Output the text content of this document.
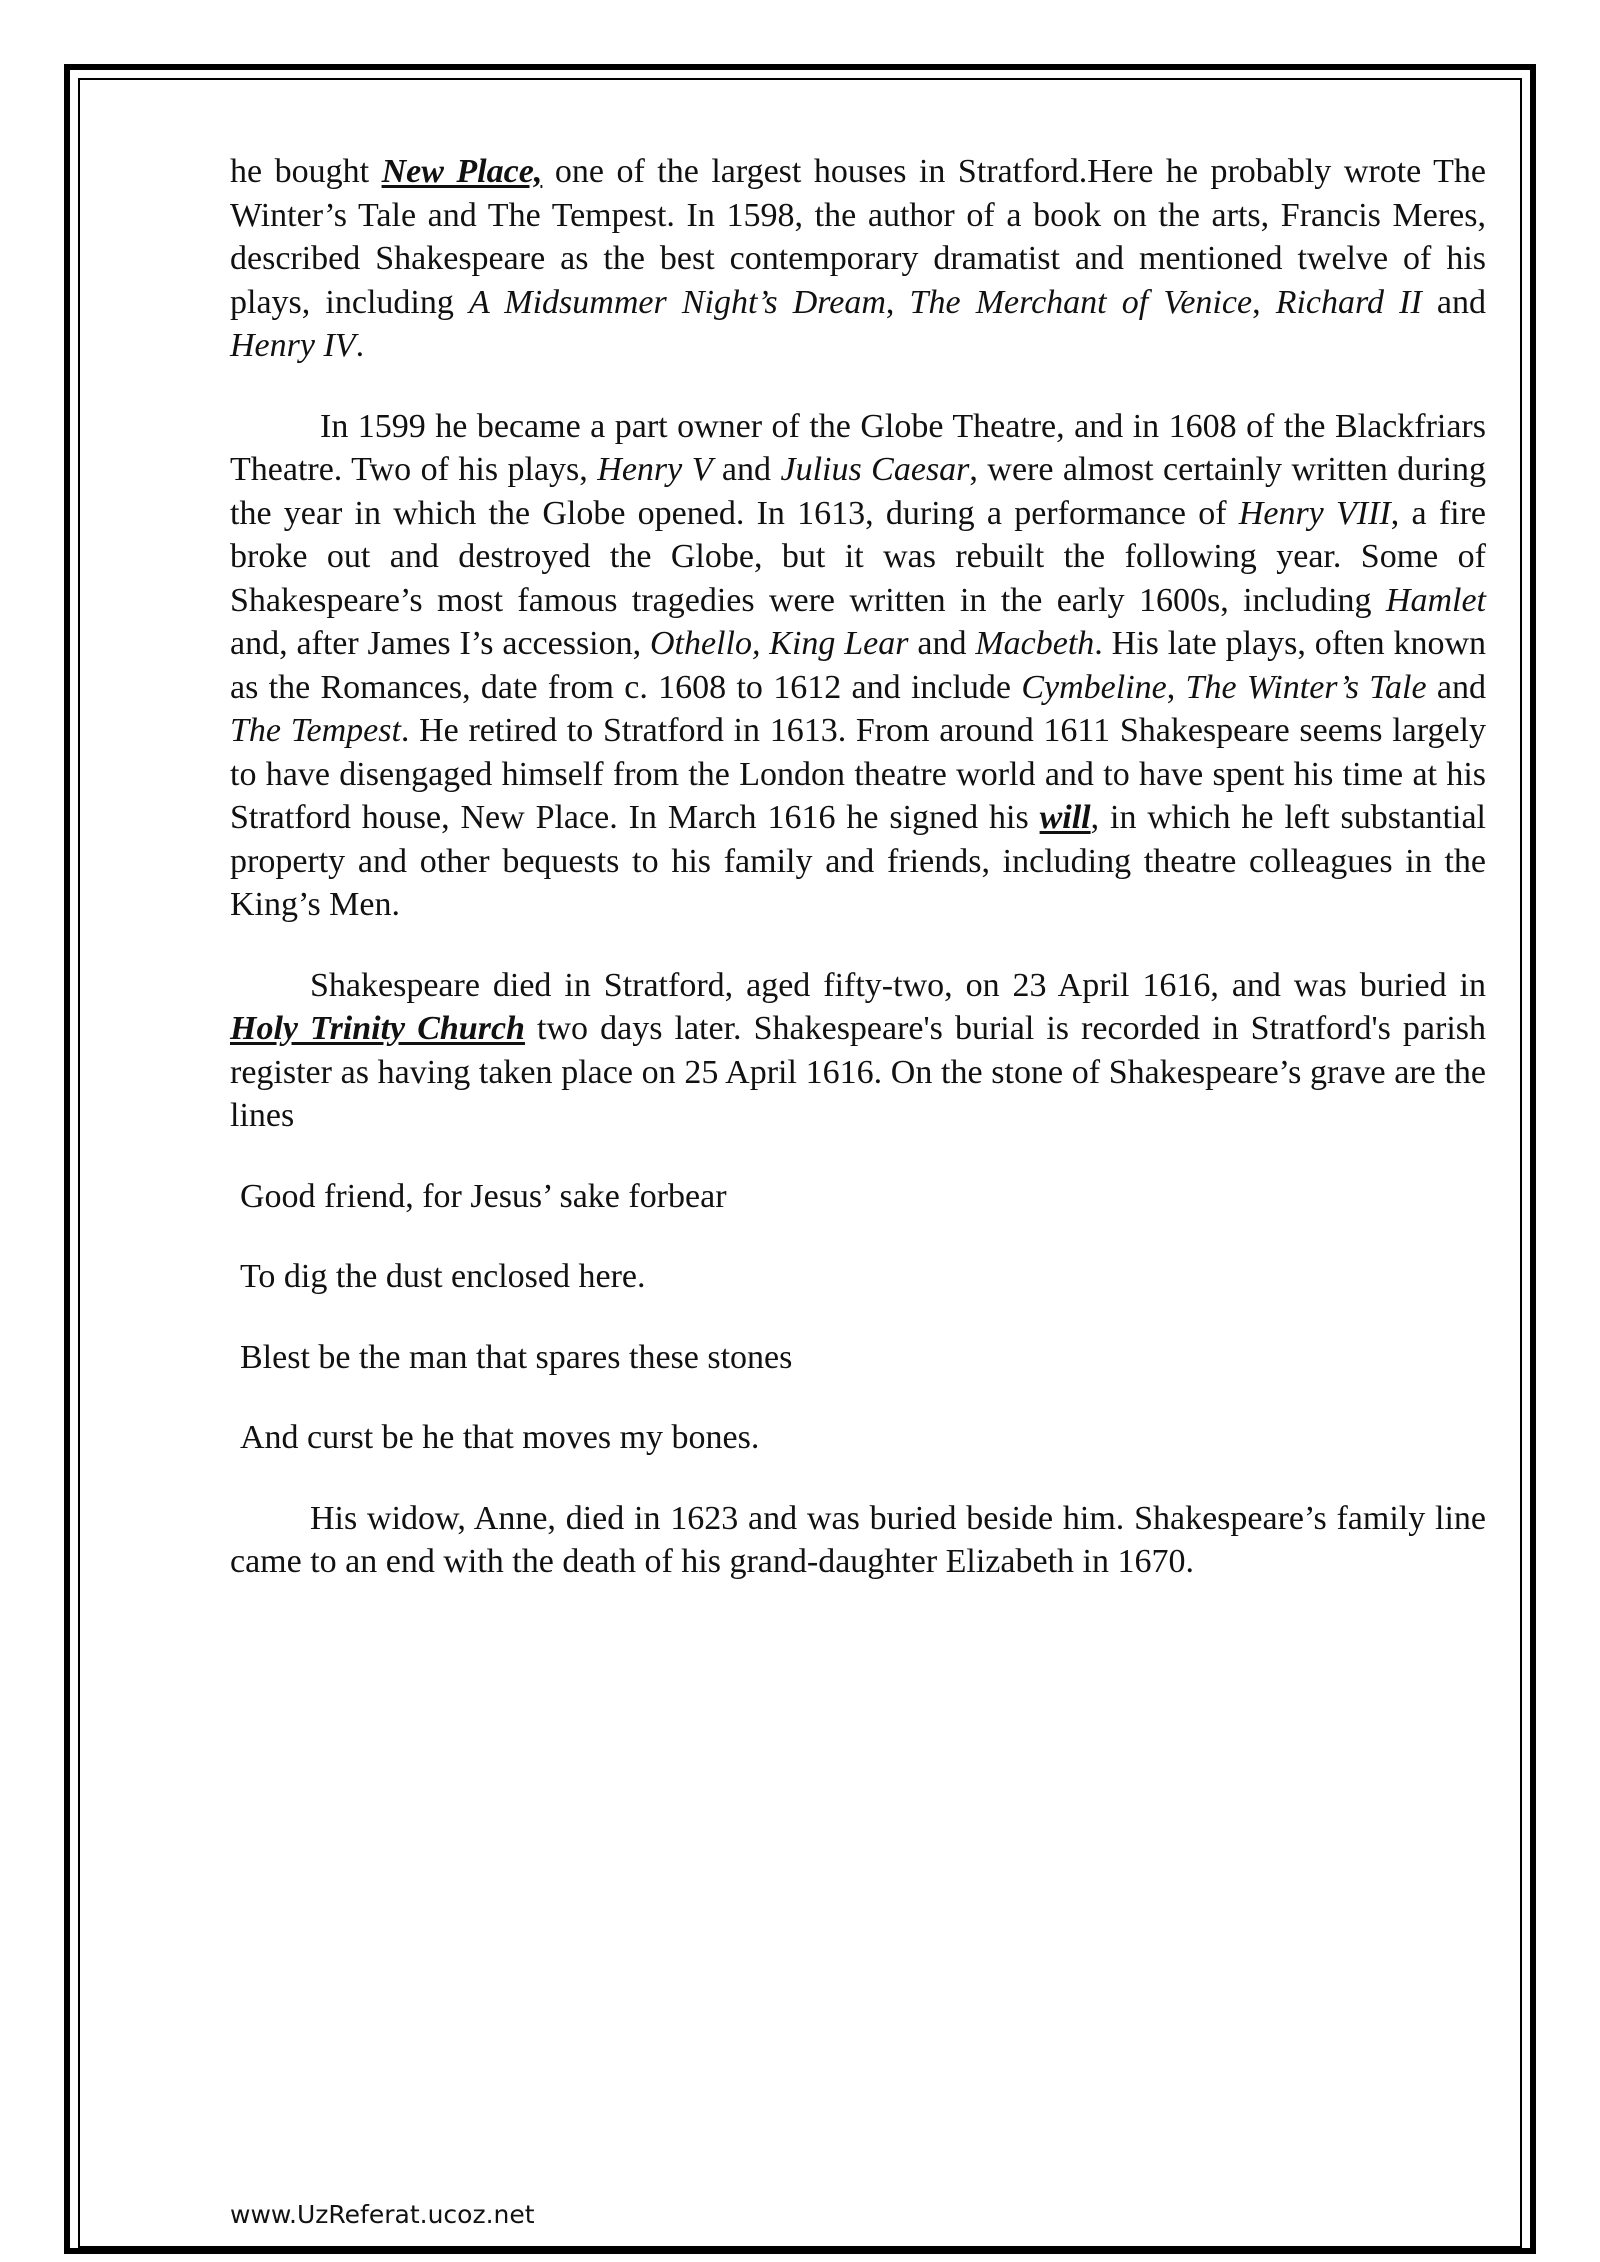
he bought New Place, one of the largest houses in Stratford.Here he probably wrote The Winter’s Tale and The Tempest. In 1598, the author of a book on the arts, Francis Meres, described Shakespeare as the best contemporary dramatist and mentioned twelve of his plays, including A Midsummer Night’s Dream, The Merchant of Venice, Richard II and Henry IV.

In 1599 he became a part owner of the Globe Theatre, and in 1608 of the Blackfriars Theatre. Two of his plays, Henry V and Julius Caesar, were almost certainly written during the year in which the Globe opened. In 1613, during a performance of Henry VIII, a fire broke out and destroyed the Globe, but it was rebuilt the following year. Some of Shakespeare’s most famous tragedies were written in the early 1600s, including Hamlet and, after James I’s accession, Othello, King Lear and Macbeth. His late plays, often known as the Romances, date from c. 1608 to 1612 and include Cymbeline, The Winter’s Tale and The Tempest. He retired to Stratford in 1613. From around 1611 Shakespeare seems largely to have disengaged himself from the London theatre world and to have spent his time at his Stratford house, New Place. In March 1616 he signed his will, in which he left substantial property and other bequests to his family and friends, including theatre colleagues in the King’s Men.

Shakespeare died in Stratford, aged fifty-two, on 23 April 1616, and was buried in Holy Trinity Church two days later. Shakespeare's burial is recorded in Stratford's parish register as having taken place on 25 April 1616. On the stone of Shakespeare’s grave are the lines

Good friend, for Jesus’ sake forbear

To dig the dust enclosed here.

Blest be the man that spares these stones

And curst be he that moves my bones.

His widow, Anne, died in 1623 and was buried beside him. Shakespeare’s family line came to an end with the death of his grand-daughter Elizabeth in 1670.

www.UzReferat.ucoz.net
